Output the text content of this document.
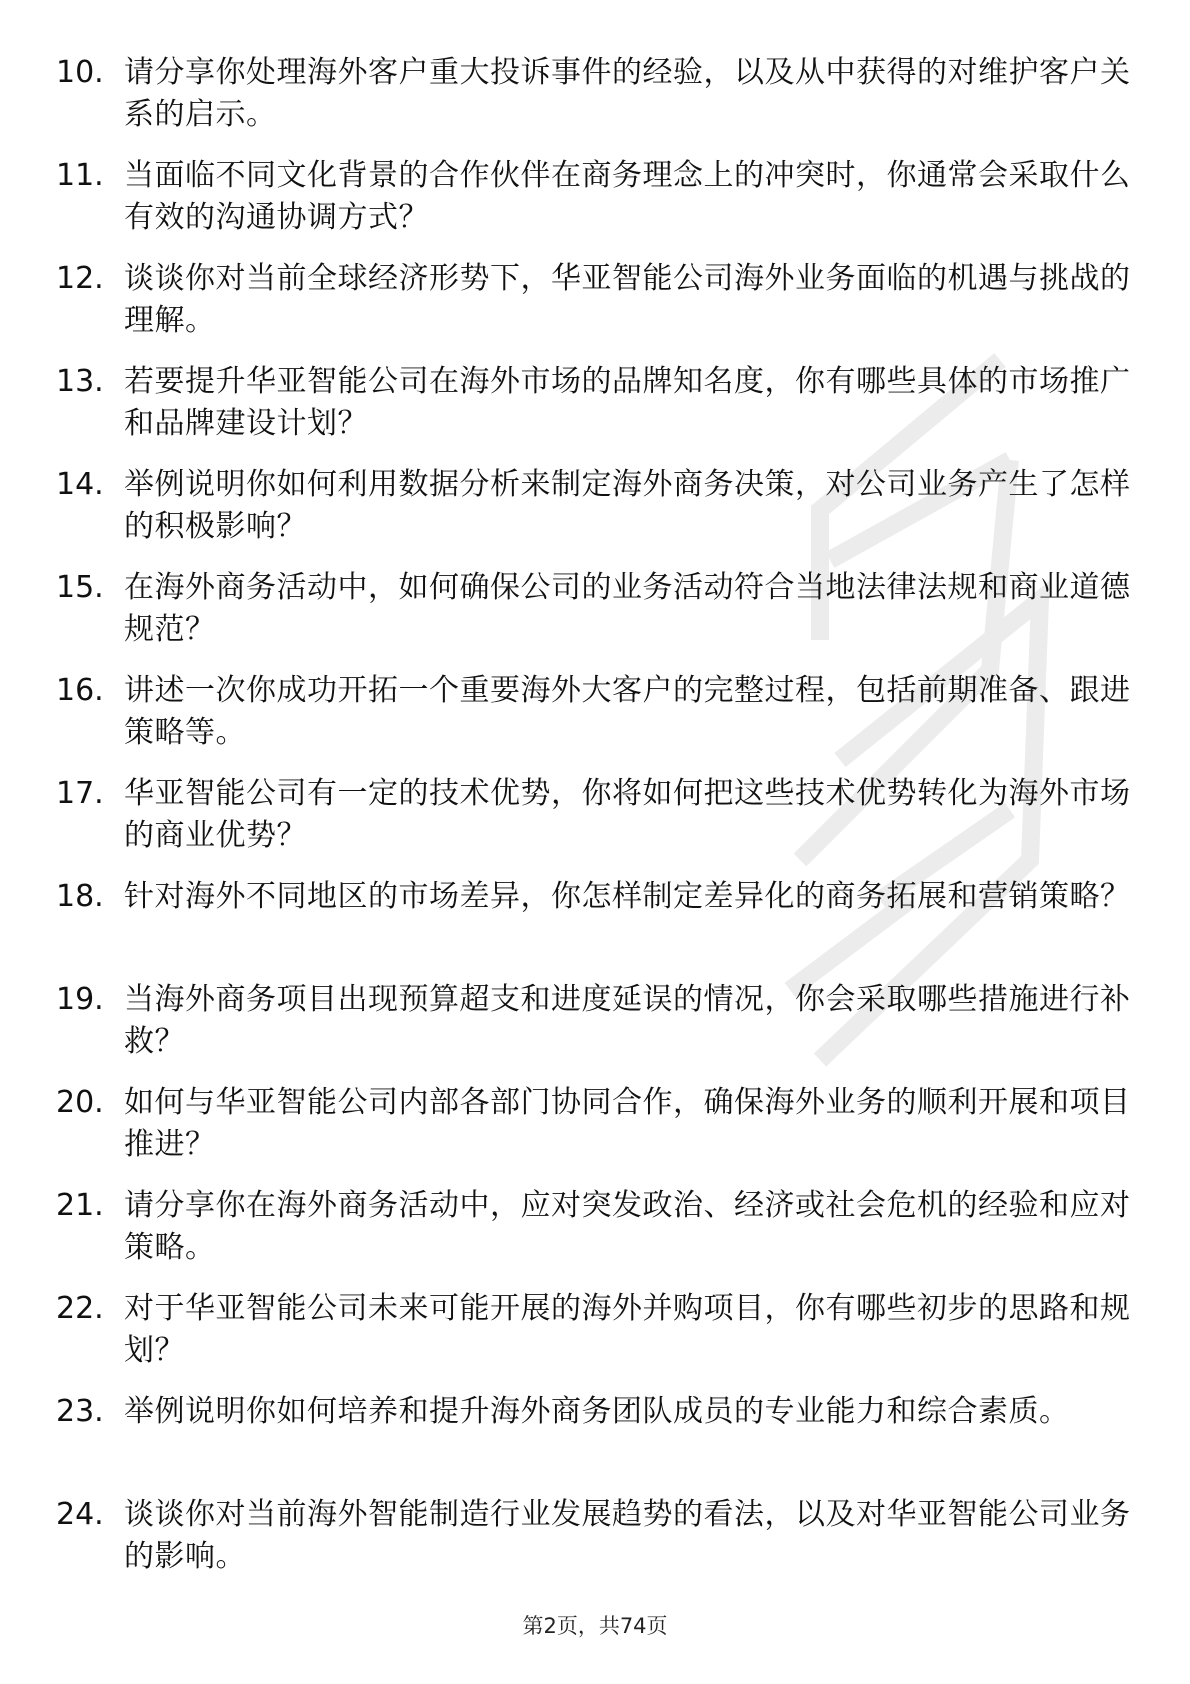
10. 请分享你处理海外客户重大投诉事件的经验，以及从中获得的对维护客户关系的启示。
11. 当面临不同文化背景的合作伙伴在商务理念上的冲突时，你通常会采取什么有效的沟通协调方式？
12. 谈谈你对当前全球经济形势下，华亚智能公司海外业务面临的机遇与挑战的理解。
13. 若要提升华亚智能公司在海外市场的品牌知名度，你有哪些具体的市场推广和品牌建设计划？
14. 举例说明你如何利用数据分析来制定海外商务决策，对公司业务产生了怎样的积极影响？
15. 在海外商务活动中，如何确保公司的业务活动符合当地法律法规和商业道德规范？
16. 讲述一次你成功开拓一个重要海外大客户的完整过程，包括前期准备、跟进策略等。
17. 华亚智能公司有一定的技术优势，你将如何把这些技术优势转化为海外市场的商业优势？
18. 针对海外不同地区的市场差异，你怎样制定差异化的商务拓展和营销策略？
19. 当海外商务项目出现预算超支和进度延误的情况，你会采取哪些措施进行补救？
20. 如何与华亚智能公司内部各部门协同合作，确保海外业务的顺利开展和项目推进？
21. 请分享你在海外商务活动中，应对突发政治、经济或社会危机的经验和应对策略。
22. 对于华亚智能公司未来可能开展的海外并购项目，你有哪些初步的思路和规划？
23. 举例说明你如何培养和提升海外商务团队成员的专业能力和综合素质。
24. 谈谈你对当前海外智能制造行业发展趋势的看法，以及对华亚智能公司业务的影响。
第2页，共74页
